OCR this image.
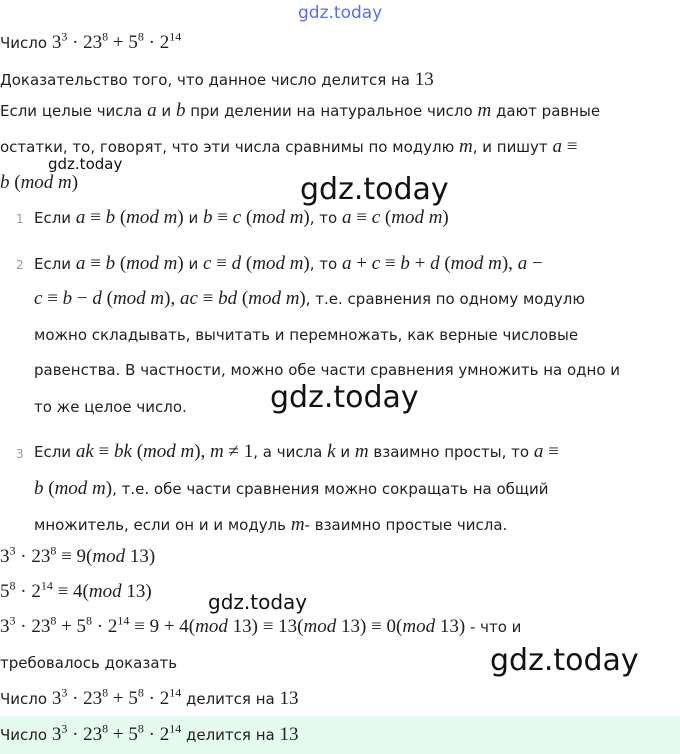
gdz.today
gdz.today
gdz.today
gdz.today
gdz.today
gdz.today
Число $3^3 \cdot 23^8 + 5^8 \cdot 2^{14}$
Доказательство того, что данное число делится на 13
Если целые числа a и b при делении на натуральное число m дают равные
остатки, то, говорят, что эти числа сравнимы по модулю m, и пишут a ≡
b (mod m)
1 Если a ≡ b (mod m) и b ≡ c (mod m), то a ≡ c (mod m)
2 Если a ≡ b (mod m) и c ≡ d (mod m), то a + c ≡ b + d (mod m), a −
c ≡ b − d (mod m), ac ≡ bd (mod m), т.е. сравнения по одному модулю
можно складывать, вычитать и перемножать, как верные числовые
равенства. В частности, можно обе части сравнения умножить на одно и
то же целое число.
3 Если ak ≡ bk (mod m), m ≠ 1, а числа k и m взаимно просты, то a ≡
b (mod m), т.е. обе части сравнения можно сокращать на общий
множитель, если он и и модуль m- взаимно простые числа.
$3^3 \cdot 23^8 \equiv 9(mod$ 13)
$5^8 \cdot 2^{14} \equiv 4(mod$ 13)
$3^3 \cdot 23^8 + 5^8 \cdot 2^{14} \equiv 9 + 4(mod$ 13) ≡ 13(mod 13) ≡ 0(mod 13) - что и
требовалось доказать
Число $3^3 \cdot 23^8 + 5^8 \cdot 2^{14}$ делится на 13
Число $3^3 \cdot 23^8 + 5^8 \cdot 2^{14}$ делится на 13
